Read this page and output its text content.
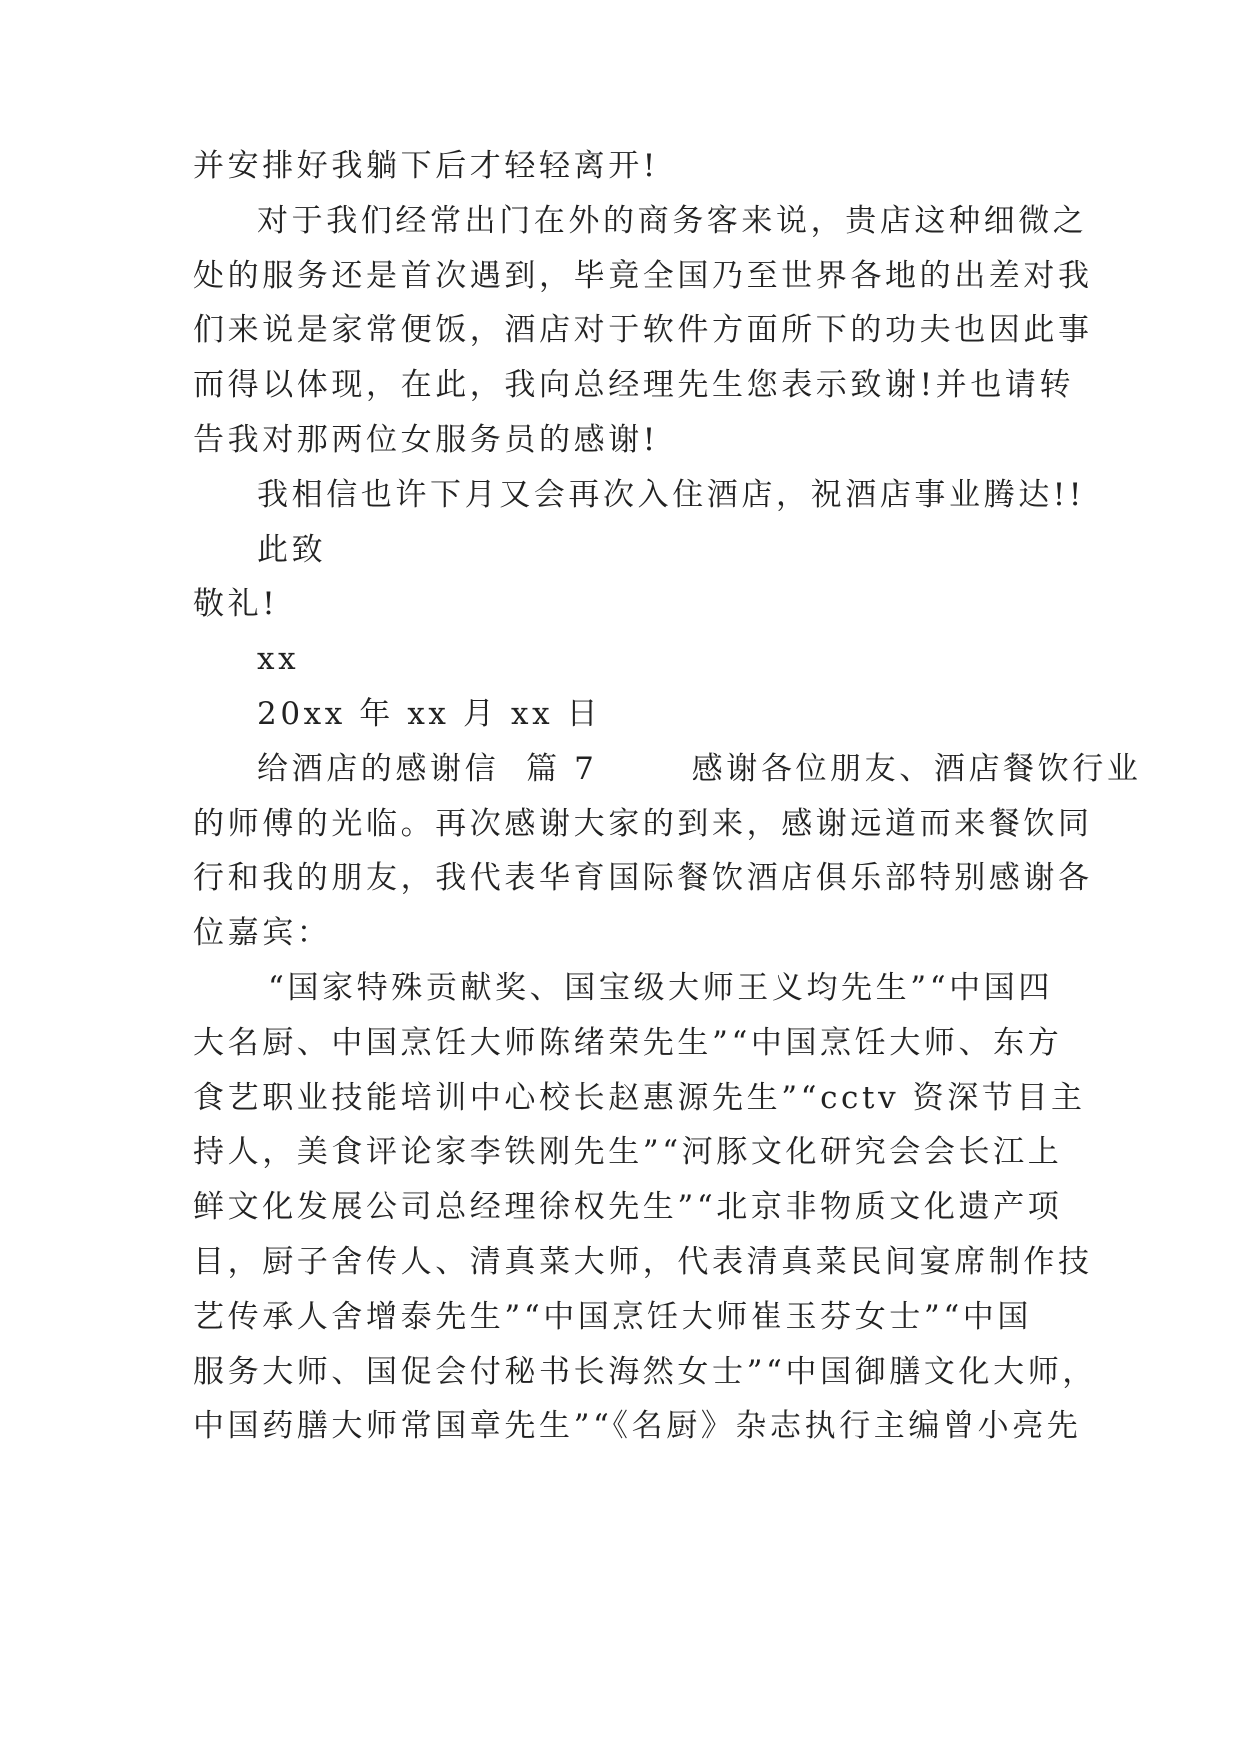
并安排好我躺下后才轻轻离开!
对于我们经常出门在外的商务客来说，贵店这种细微之
处的服务还是首次遇到，毕竟全国乃至世界各地的出差对我
们来说是家常便饭，酒店对于软件方面所下的功夫也因此事
而得以体现，在此，我向总经理先生您表示致谢!并也请转
告我对那两位女服务员的感谢!
我相信也许下月又会再次入住酒店，祝酒店事业腾达!!
此致
敬礼!
xx
20xx 年 xx 月 xx 日
给酒店的感谢信  篇 7       感谢各位朋友、酒店餐饮行业
的师傅的光临。再次感谢大家的到来，感谢远道而来餐饮同
行和我的朋友，我代表华育国际餐饮酒店俱乐部特别感谢各
位嘉宾：
“国家特殊贡献奖、国宝级大师王义均先生”“中国四
大名厨、中国烹饪大师陈绪荣先生”“中国烹饪大师、东方
食艺职业技能培训中心校长赵惠源先生”“cctv 资深节目主
持人，美食评论家李铁刚先生”“河豚文化研究会会长江上
鲜文化发展公司总经理徐权先生”“北京非物质文化遗产项
目，厨子舍传人、清真菜大师，代表清真菜民间宴席制作技
艺传承人舍增泰先生”“中国烹饪大师崔玉芬女士”“中国
服务大师、国促会付秘书长海然女士”“中国御膳文化大师，
中国药膳大师常国章先生”“《名厨》杂志执行主编曾小亮先
